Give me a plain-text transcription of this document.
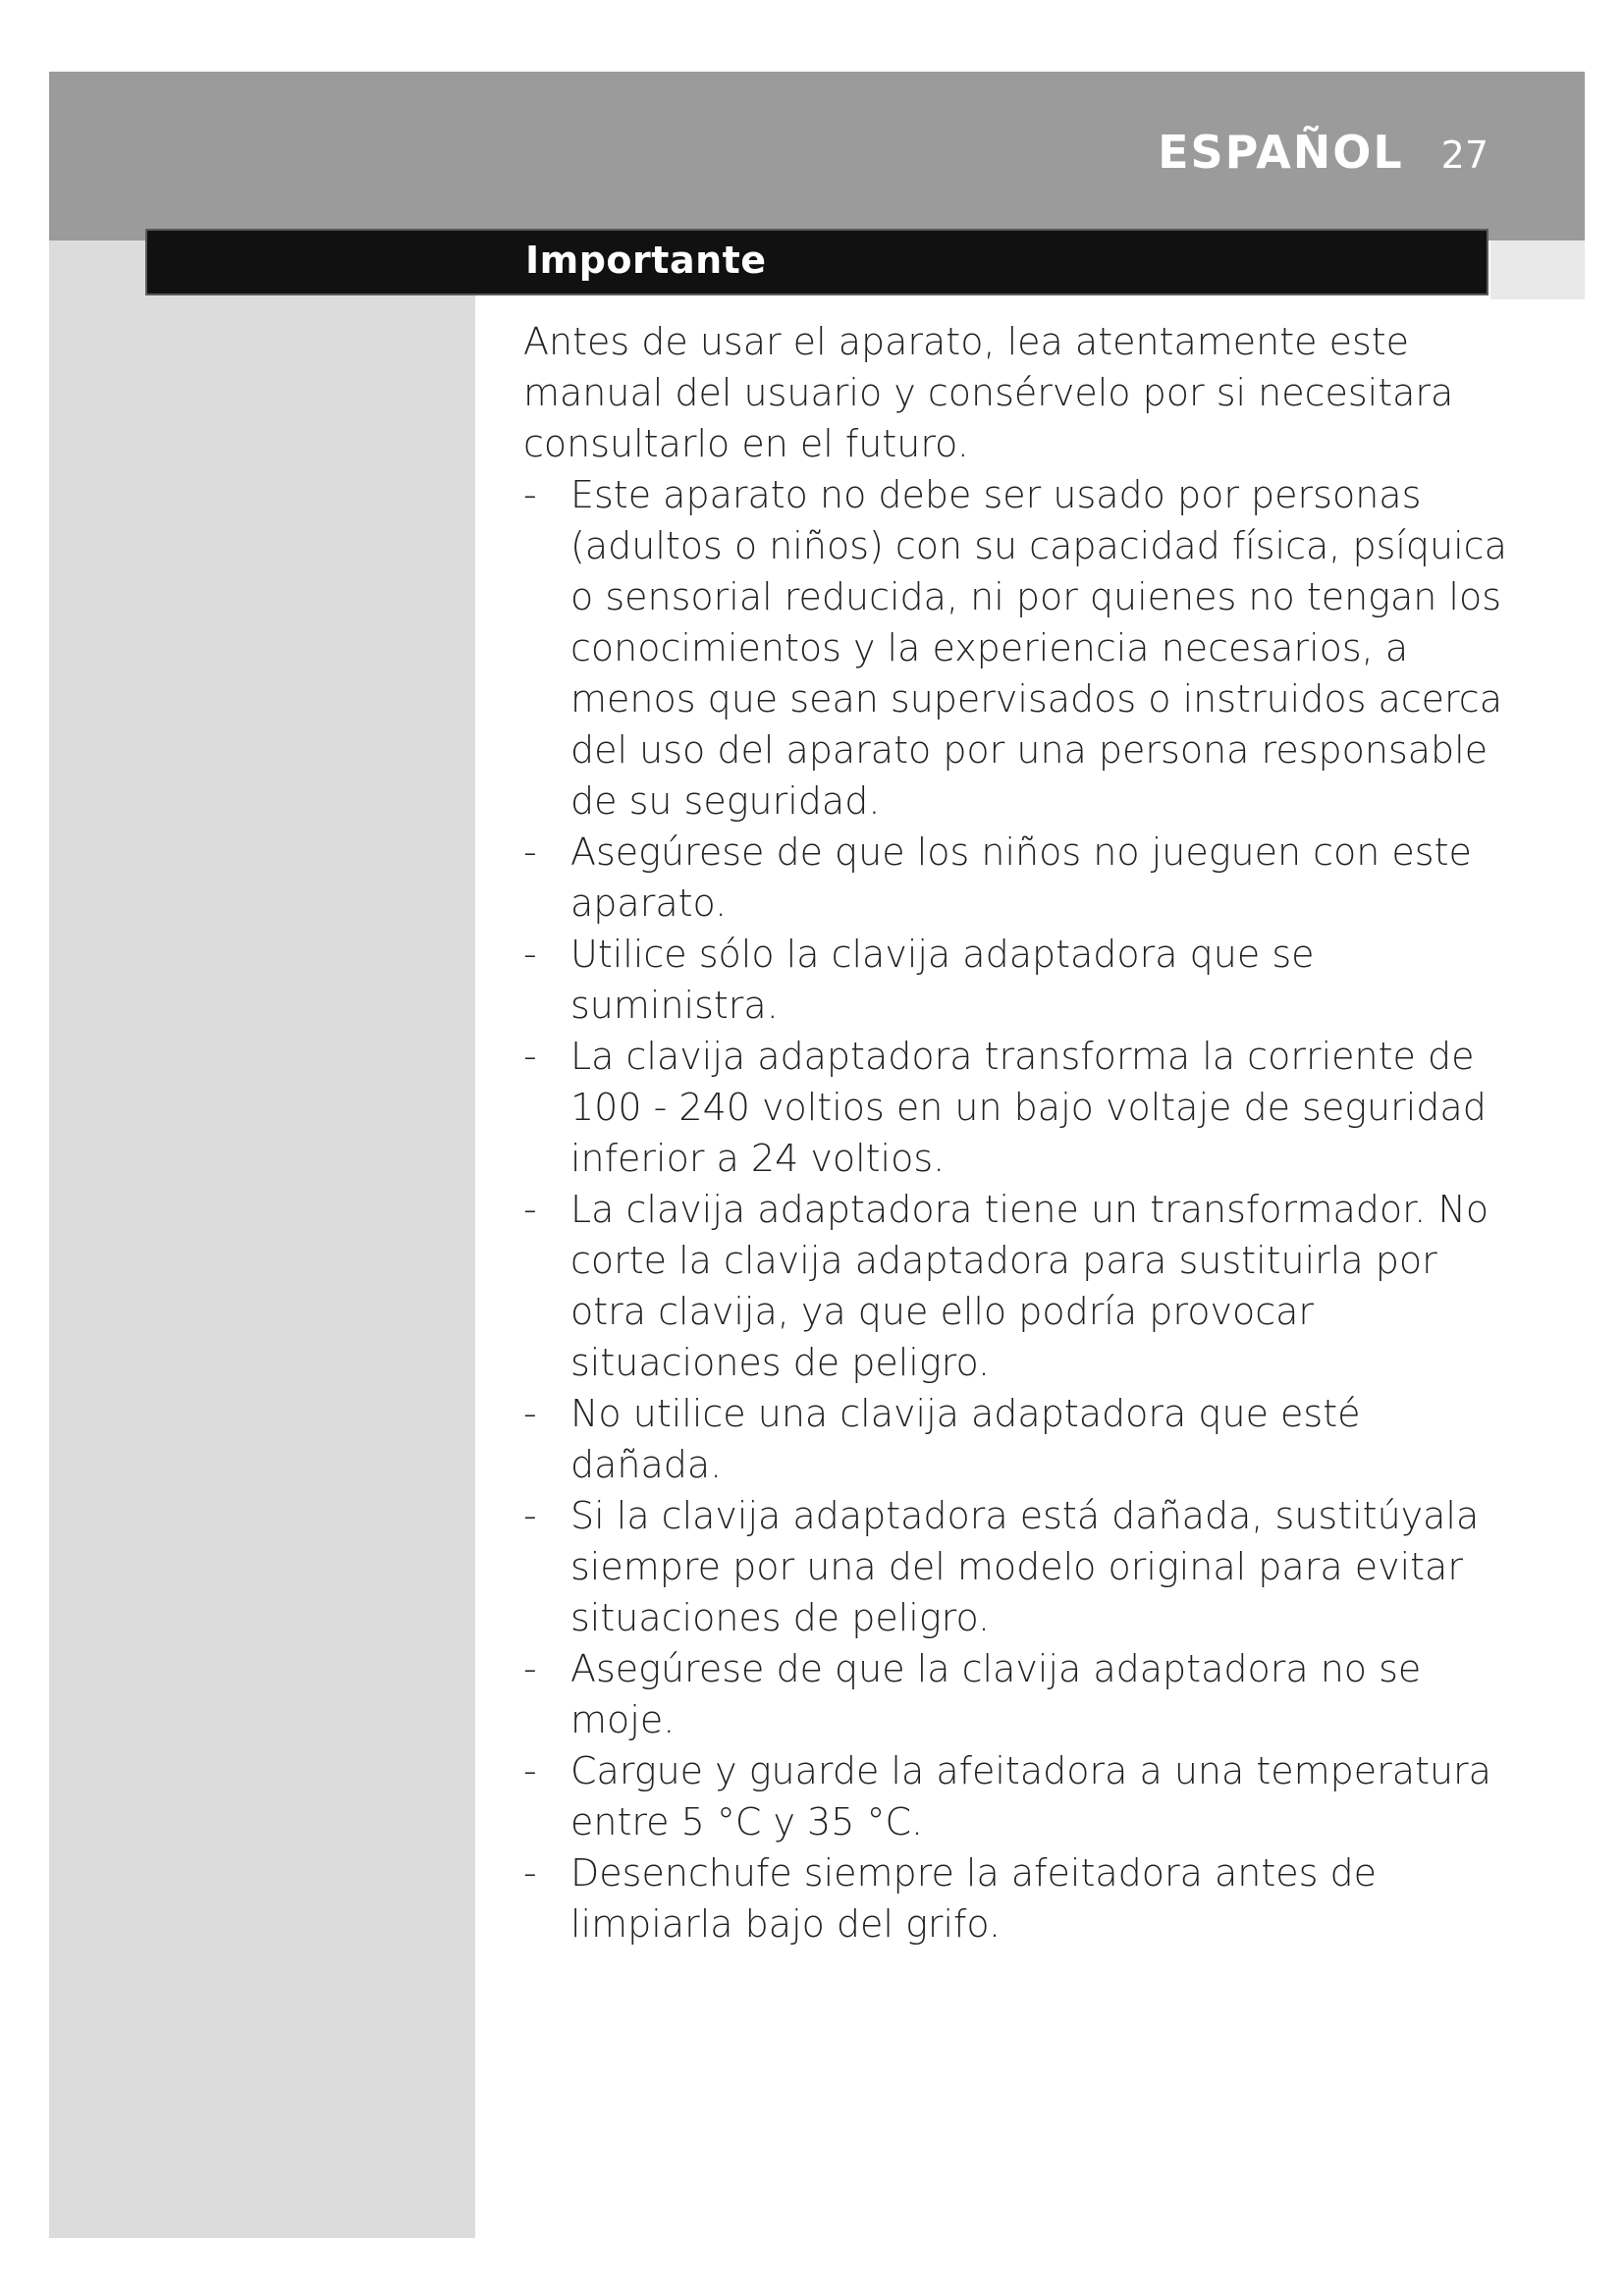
ESPAÑOL 27
Importante

Antes de usar el aparato, lea atentamente este manual del usuario y consérvelo por si necesitara consultarlo en el futuro.

- Este aparato no debe ser usado por personas (adultos o niños) con su capacidad física, psíquica o sensorial reducida, ni por quienes no tengan los conocimientos y la experiencia necesarios, a menos que sean supervisados o instruidos acerca del uso del aparato por una persona responsable de su seguridad.
- Asegúrese de que los niños no jueguen con este aparato.
- Utilice sólo la clavija adaptadora que se suministra.
- La clavija adaptadora transforma la corriente de 100 - 240 voltios en un bajo voltaje de seguridad inferior a 24 voltios.
- La clavija adaptadora tiene un transformador. No corte la clavija adaptadora para sustituirla por otra clavija, ya que ello podría provocar situaciones de peligro.
- No utilice una clavija adaptadora que esté dañada.
- Si la clavija adaptadora está dañada, sustitúyala siempre por una del modelo original para evitar situaciones de peligro.
- Asegúrese de que la clavija adaptadora no se moje.
- Cargue y guarde la afeitadora a una temperatura entre 5 °C y 35 °C.
- Desenchufe siempre la afeitadora antes de limpiarla bajo del grifo.
